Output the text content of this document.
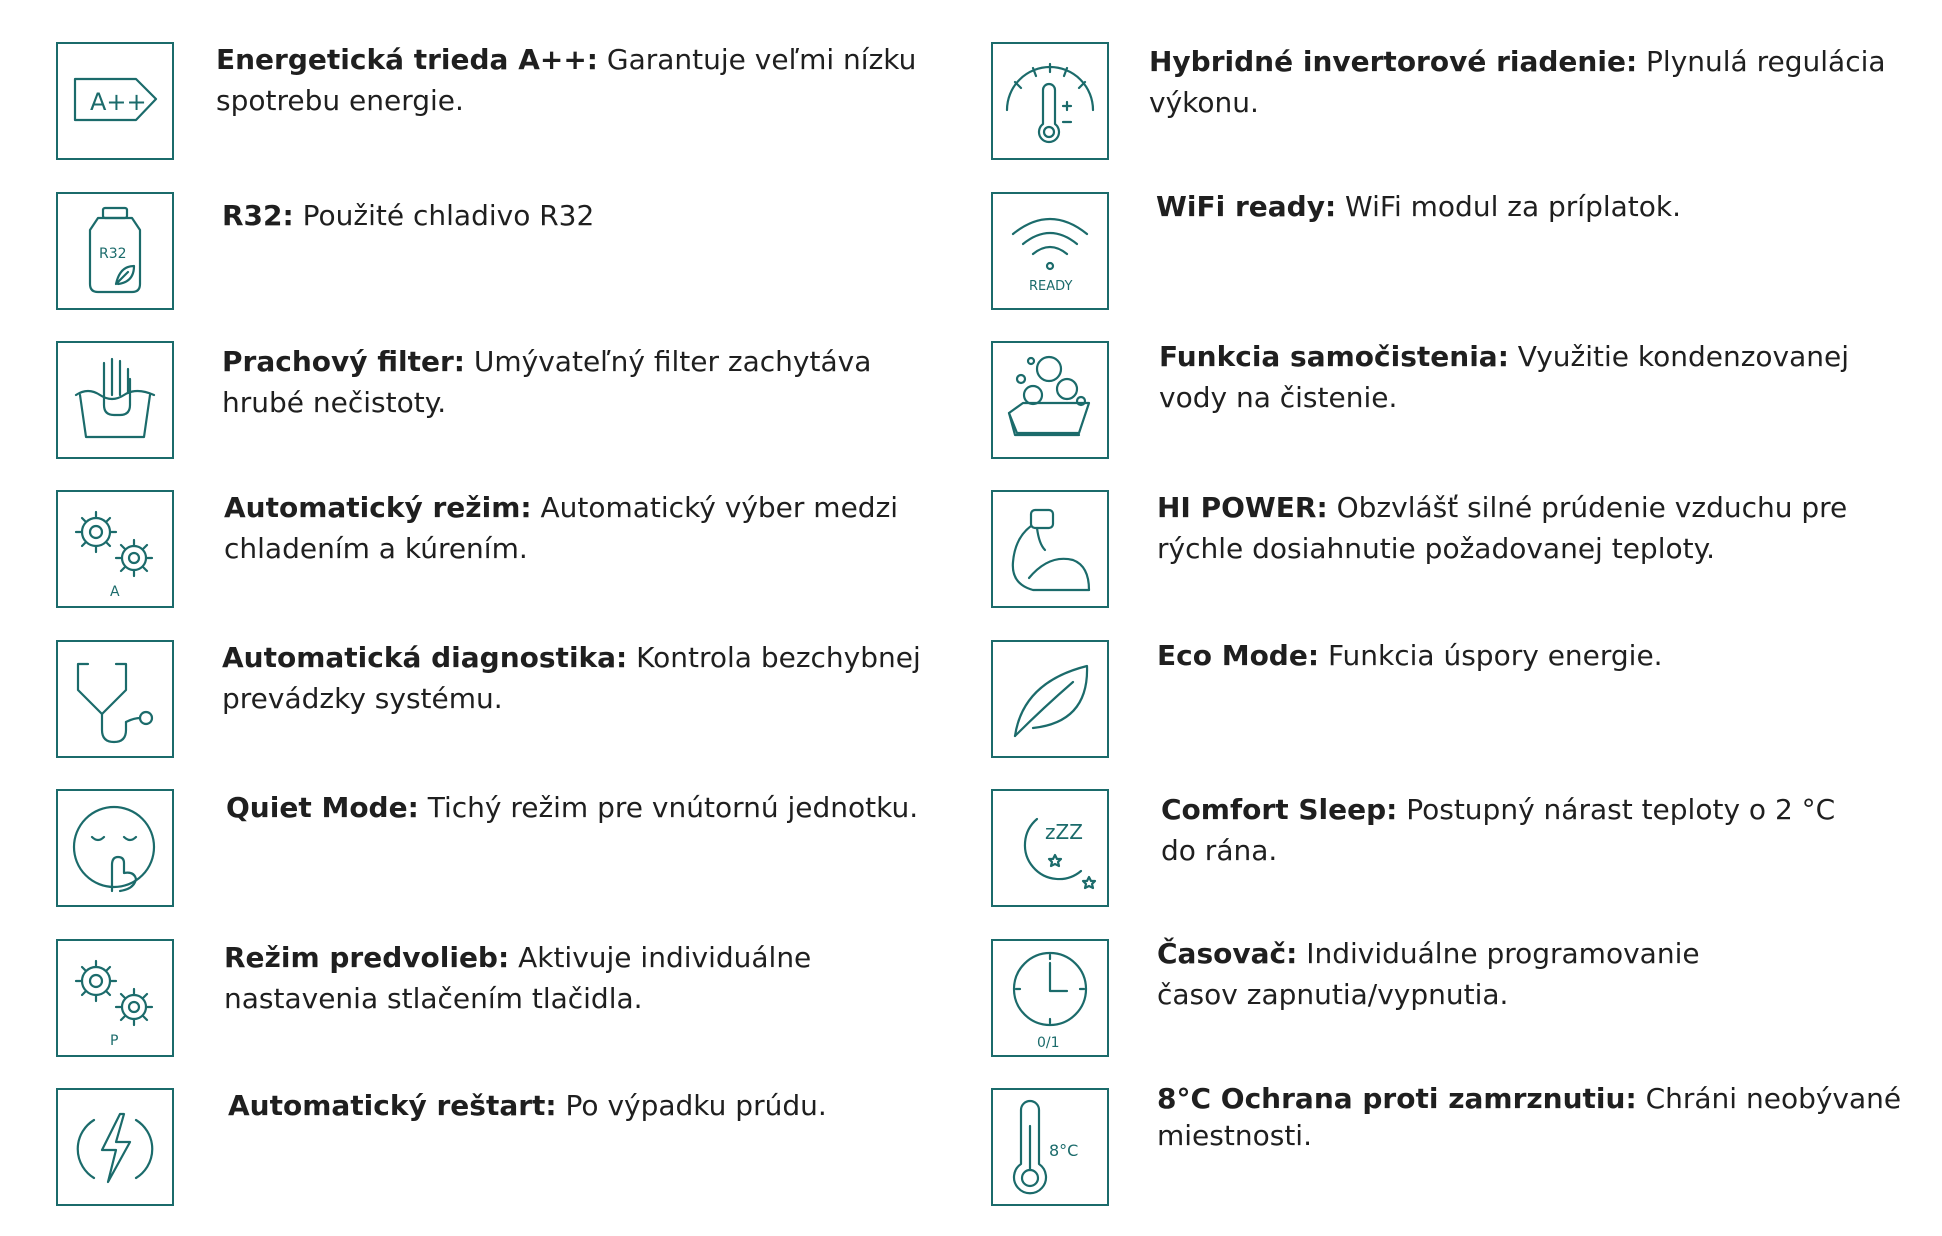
A++
Energetická trieda A++: Garantuje veľmi nízku
spotrebu energie.
R32
R32: Použité chladivo R32
Prachový filter: Umývateľný filter zachytáva
hrubé nečistoty.
A
Automatický režim: Automatický výber medzi
chladením a kúrením.
Automatická diagnostika: Kontrola bezchybnej
prevádzky systému.
Quiet Mode: Tichý režim pre vnútornú jednotku.
P
Režim predvolieb: Aktivuje individuálne
nastavenia stlačením tlačidla.
Automatický reštart: Po výpadku prúdu.
Hybridné invertorové riadenie: Plynulá regulácia
výkonu.
READY
WiFi ready: WiFi modul za príplatok.
Funkcia samočistenia: Využitie kondenzovanej
vody na čistenie.
HI POWER: Obzvlášť silné prúdenie vzduchu pre
rýchle dosiahnutie požadovanej teploty.
Eco Mode: Funkcia úspory energie.
zZZ
Comfort Sleep: Postupný nárast teploty o 2 °C
do rána.
0/1
Časovač: Individuálne programovanie
časov zapnutia/vypnutia.
8°C
8°C Ochrana proti zamrznutiu: Chráni neobývané
miestnosti.
